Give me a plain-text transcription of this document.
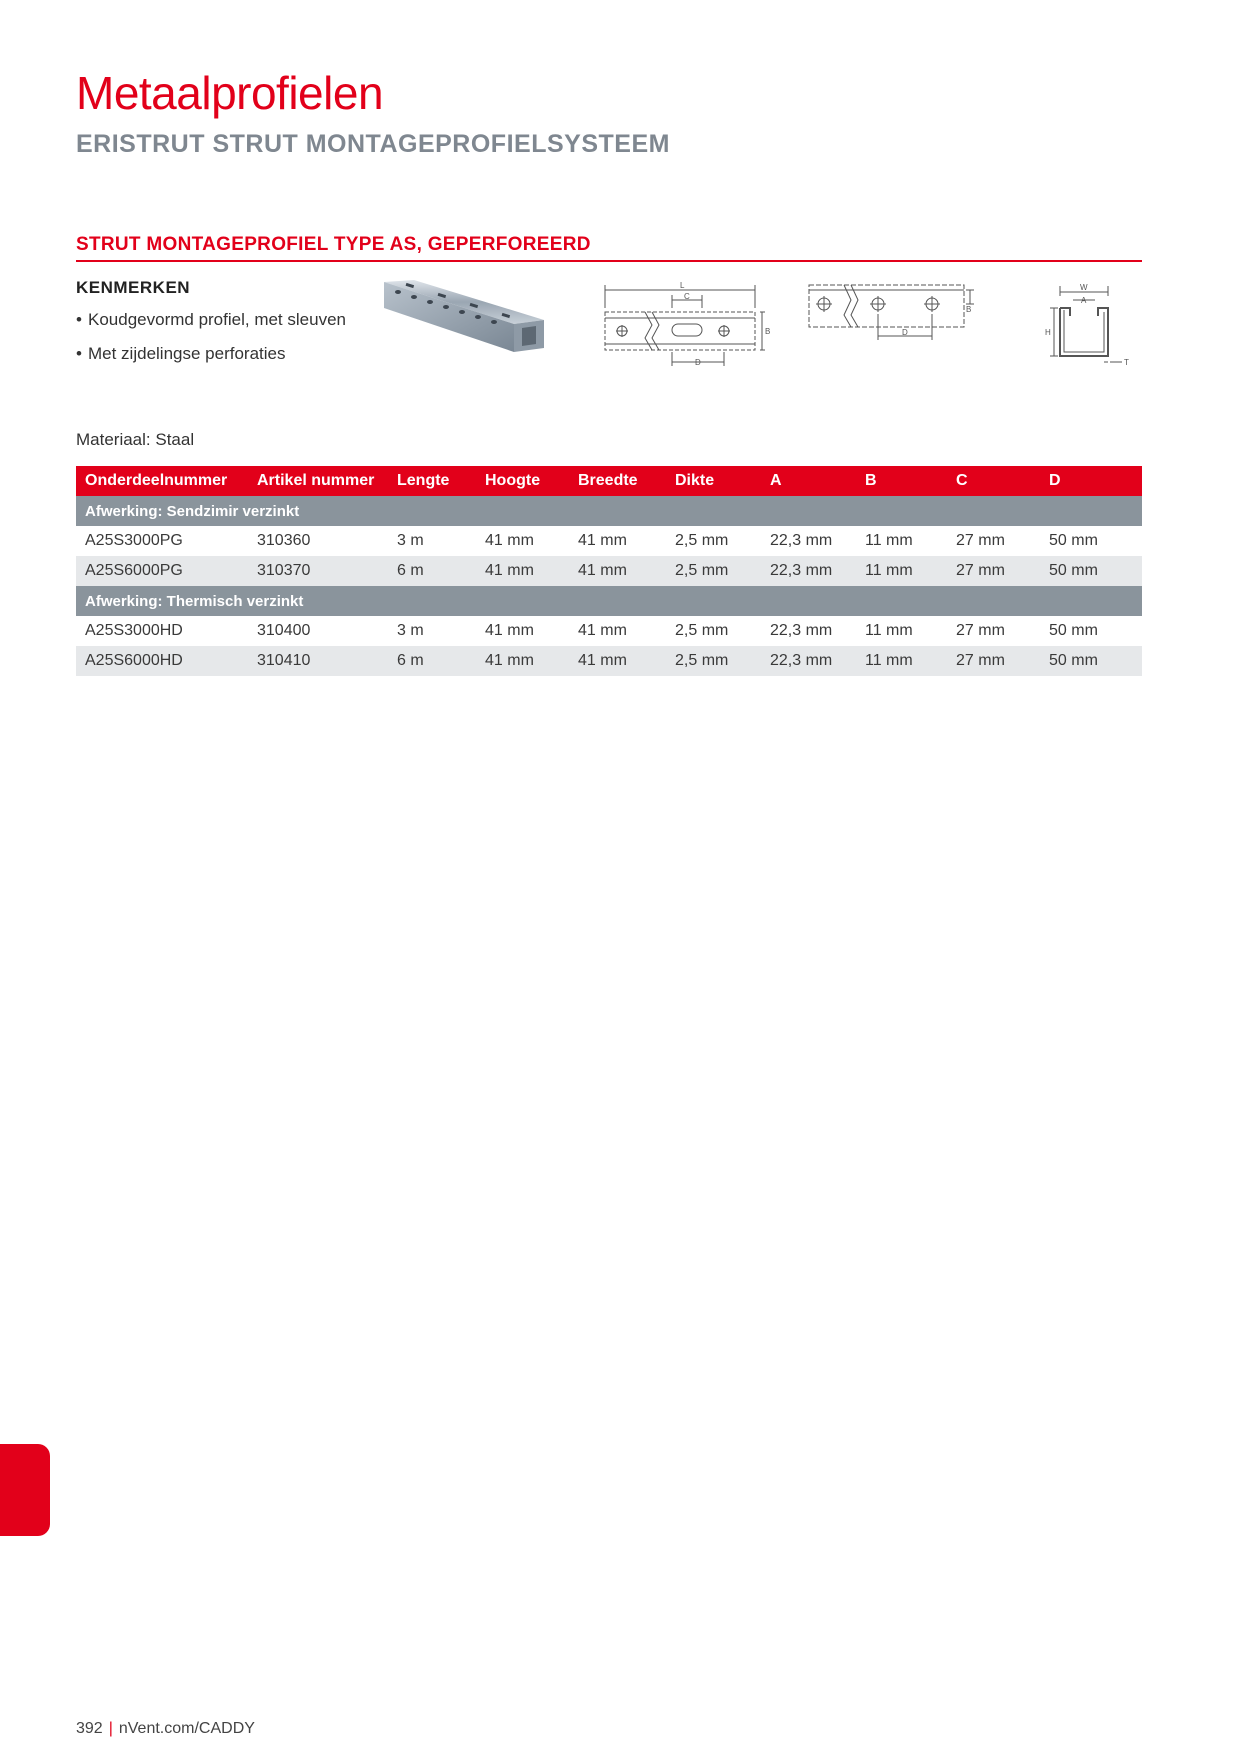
Metaalprofielen
ERISTRUT STRUT MONTAGEPROFIELSYSTEEM
STRUT MONTAGEPROFIEL TYPE AS, GEPERFOREERD
KENMERKEN
• Koudgevormd profiel, met sleuven
• Met zijdelingse perforaties
L
C
B
D
B
D
W
A
H
T
Materiaal: Staal
Onderdeelnummer	Artikel nummer	Lengte	Hoogte	Breedte	Dikte	A	B	C	D
Afwerking: Sendzimir verzinkt									
A25S3000PG	310360	3 m	41 mm	41 mm	2,5 mm	22,3 mm	11 mm	27 mm	50 mm
A25S6000PG	310370	6 m	41 mm	41 mm	2,5 mm	22,3 mm	11 mm	27 mm	50 mm
Afwerking: Thermisch verzinkt									
A25S3000HD	310400	3 m	41 mm	41 mm	2,5 mm	22,3 mm	11 mm	27 mm	50 mm
A25S6000HD	310410	6 m	41 mm	41 mm	2,5 mm	22,3 mm	11 mm	27 mm	50 mm
392 | nVent.com/CADDY
